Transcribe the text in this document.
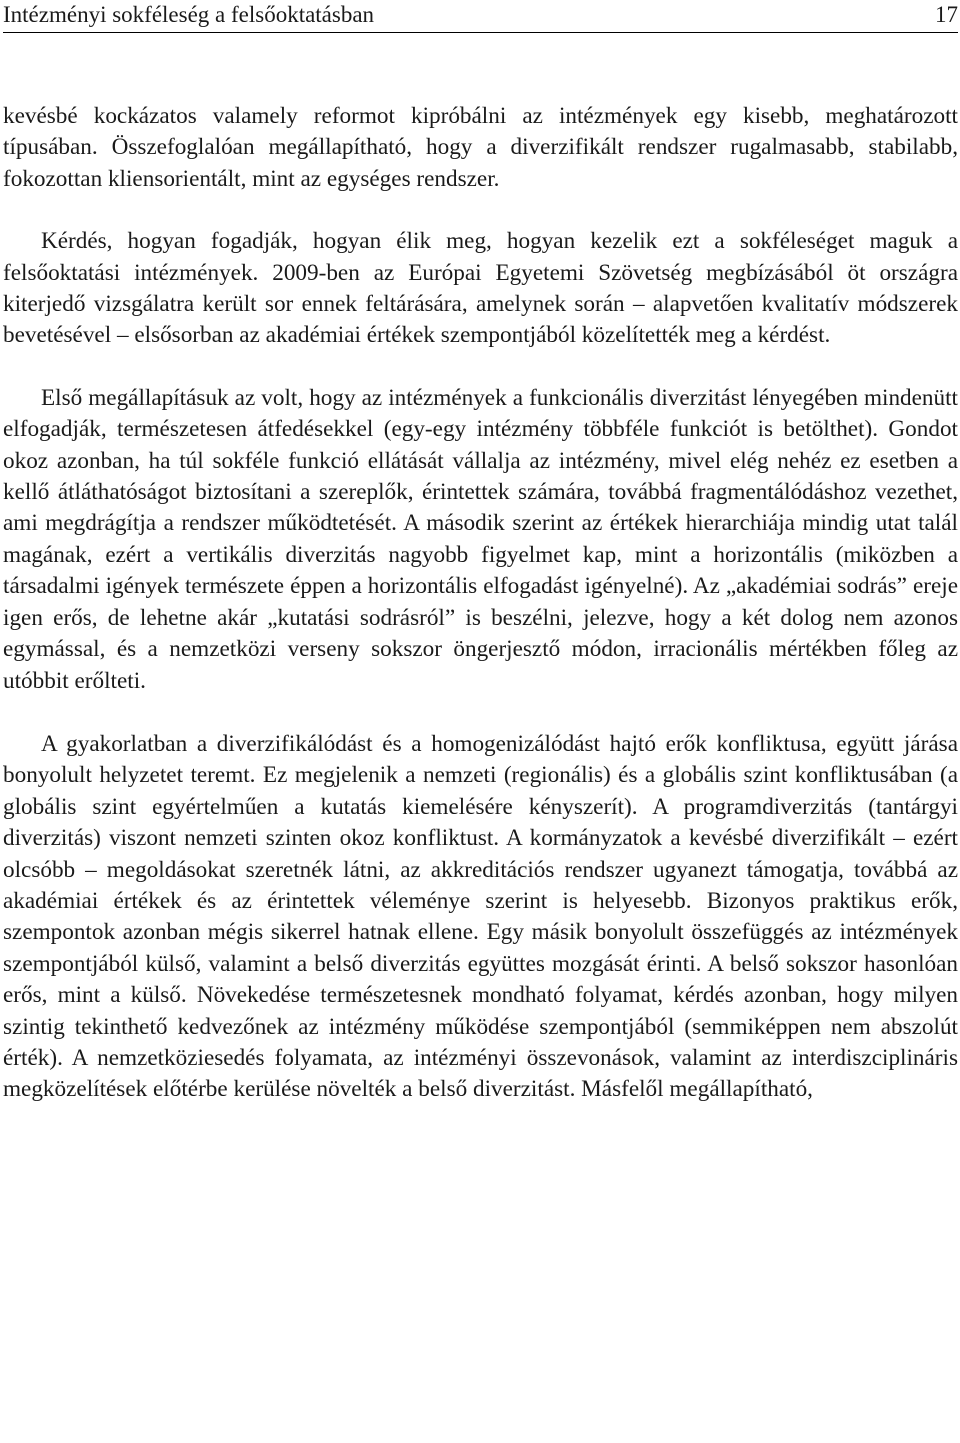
Intézményi sokféleség a felsőoktatásban	17

kevésbé kockázatos valamely reformot kipróbálni az intézmények egy kisebb, meghatározott típusában. Összefoglalóan megállapítható, hogy a diverzifikált rendszer rugalmasabb, stabilabb, fokozottan kliensorientált, mint az egységes rendszer.

Kérdés, hogyan fogadják, hogyan élik meg, hogyan kezelik ezt a sokféleséget maguk a felsőoktatási intézmények. 2009-ben az Európai Egyetemi Szövetség megbízásából öt országra kiterjedő vizsgálatra került sor ennek feltárására, amelynek során – alapvetően kvalitatív módszerek bevetésével – elsősorban az akadémiai értékek szempontjából közelítették meg a kérdést.

Első megállapításuk az volt, hogy az intézmények a funkcionális diverzitást lényegében mindenütt elfogadják, természetesen átfedésekkel (egy-egy intézmény többféle funkciót is betölthet). Gondot okoz azonban, ha túl sokféle funkció ellátását vállalja az intézmény, mivel elég nehéz ez esetben a kellő átláthatóságot biztosítani a szereplők, érintettek számára, továbbá fragmentálódáshoz vezethet, ami megdrágítja a rendszer működtetését. A második szerint az értékek hierarchiája mindig utat talál magának, ezért a vertikális diverzitás nagyobb figyelmet kap, mint a horizontális (miközben a társadalmi igények természete éppen a horizontális elfogadást igényelné). Az „akadémiai sodrás” ereje igen erős, de lehetne akár „kutatási sodrásról” is beszélni, jelezve, hogy a két dolog nem azonos egymással, és a nemzetközi verseny sokszor öngerjesztő módon, irracionális mértékben főleg az utóbbit erőlteti.

A gyakorlatban a diverzifikálódást és a homogenizálódást hajtó erők konfliktusa, együtt járása bonyolult helyzetet teremt. Ez megjelenik a nemzeti (regionális) és a globális szint konfliktusában (a globális szint egyértelműen a kutatás kiemelésére kényszerít). A programdiverzitás (tantárgyi diverzitás) viszont nemzeti szinten okoz konfliktust. A kormányzatok a kevésbé diverzifikált – ezért olcsóbb – megoldásokat szeretnék látni, az akkreditációs rendszer ugyanezt támogatja, továbbá az akadémiai értékek és az érintettek véleménye szerint is helyesebb. Bizonyos praktikus erők, szempontok azonban mégis sikerrel hatnak ellene. Egy másik bonyolult összefüggés az intézmények szempontjából külső, valamint a belső diverzitás együttes mozgását érinti. A belső sokszor hasonlóan erős, mint a külső. Növekedése természetesnek mondható folyamat, kérdés azonban, hogy milyen szintig tekinthető kedvezőnek az intézmény működése szempontjából (semmiképpen nem abszolút érték). A nemzetköziesedés folyamata, az intézményi összevonások, valamint az interdiszciplináris megközelítések előtérbe kerülése növelték a belső diverzitást. Másfelől megállapítható,
